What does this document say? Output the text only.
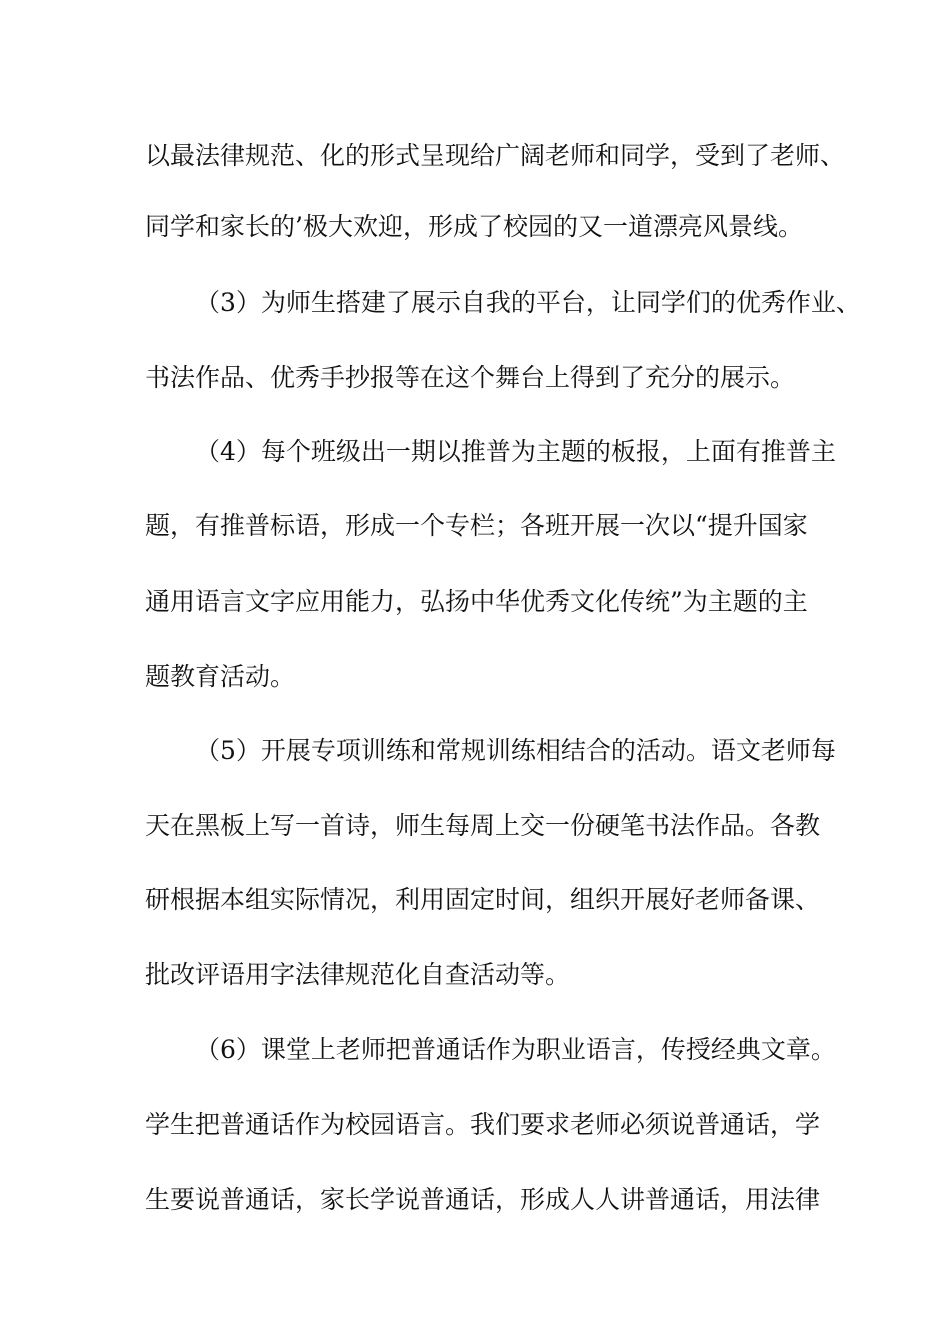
以最法律规范、化的形式呈现给广阔老师和同学，受到了老师、
同学和家长的’极大欢迎，形成了校园的又一道漂亮风景线。
（3）为师生搭建了展示自我的平台，让同学们的优秀作业、
书法作品、优秀手抄报等在这个舞台上得到了充分的展示。
（4）每个班级出一期以推普为主题的板报，上面有推普主
题，有推普标语，形成一个专栏；各班开展一次以“提升国家
通用语言文字应用能力，弘扬中华优秀文化传统”为主题的主
题教育活动。
（5）开展专项训练和常规训练相结合的活动。语文老师每
天在黑板上写一首诗，师生每周上交一份硬笔书法作品。各教
研根据本组实际情况，利用固定时间，组织开展好老师备课、
批改评语用字法律规范化自查活动等。
（6）课堂上老师把普通话作为职业语言，传授经典文章。
学生把普通话作为校园语言。我们要求老师必须说普通话，学
生要说普通话，家长学说普通话，形成人人讲普通话，用法律
